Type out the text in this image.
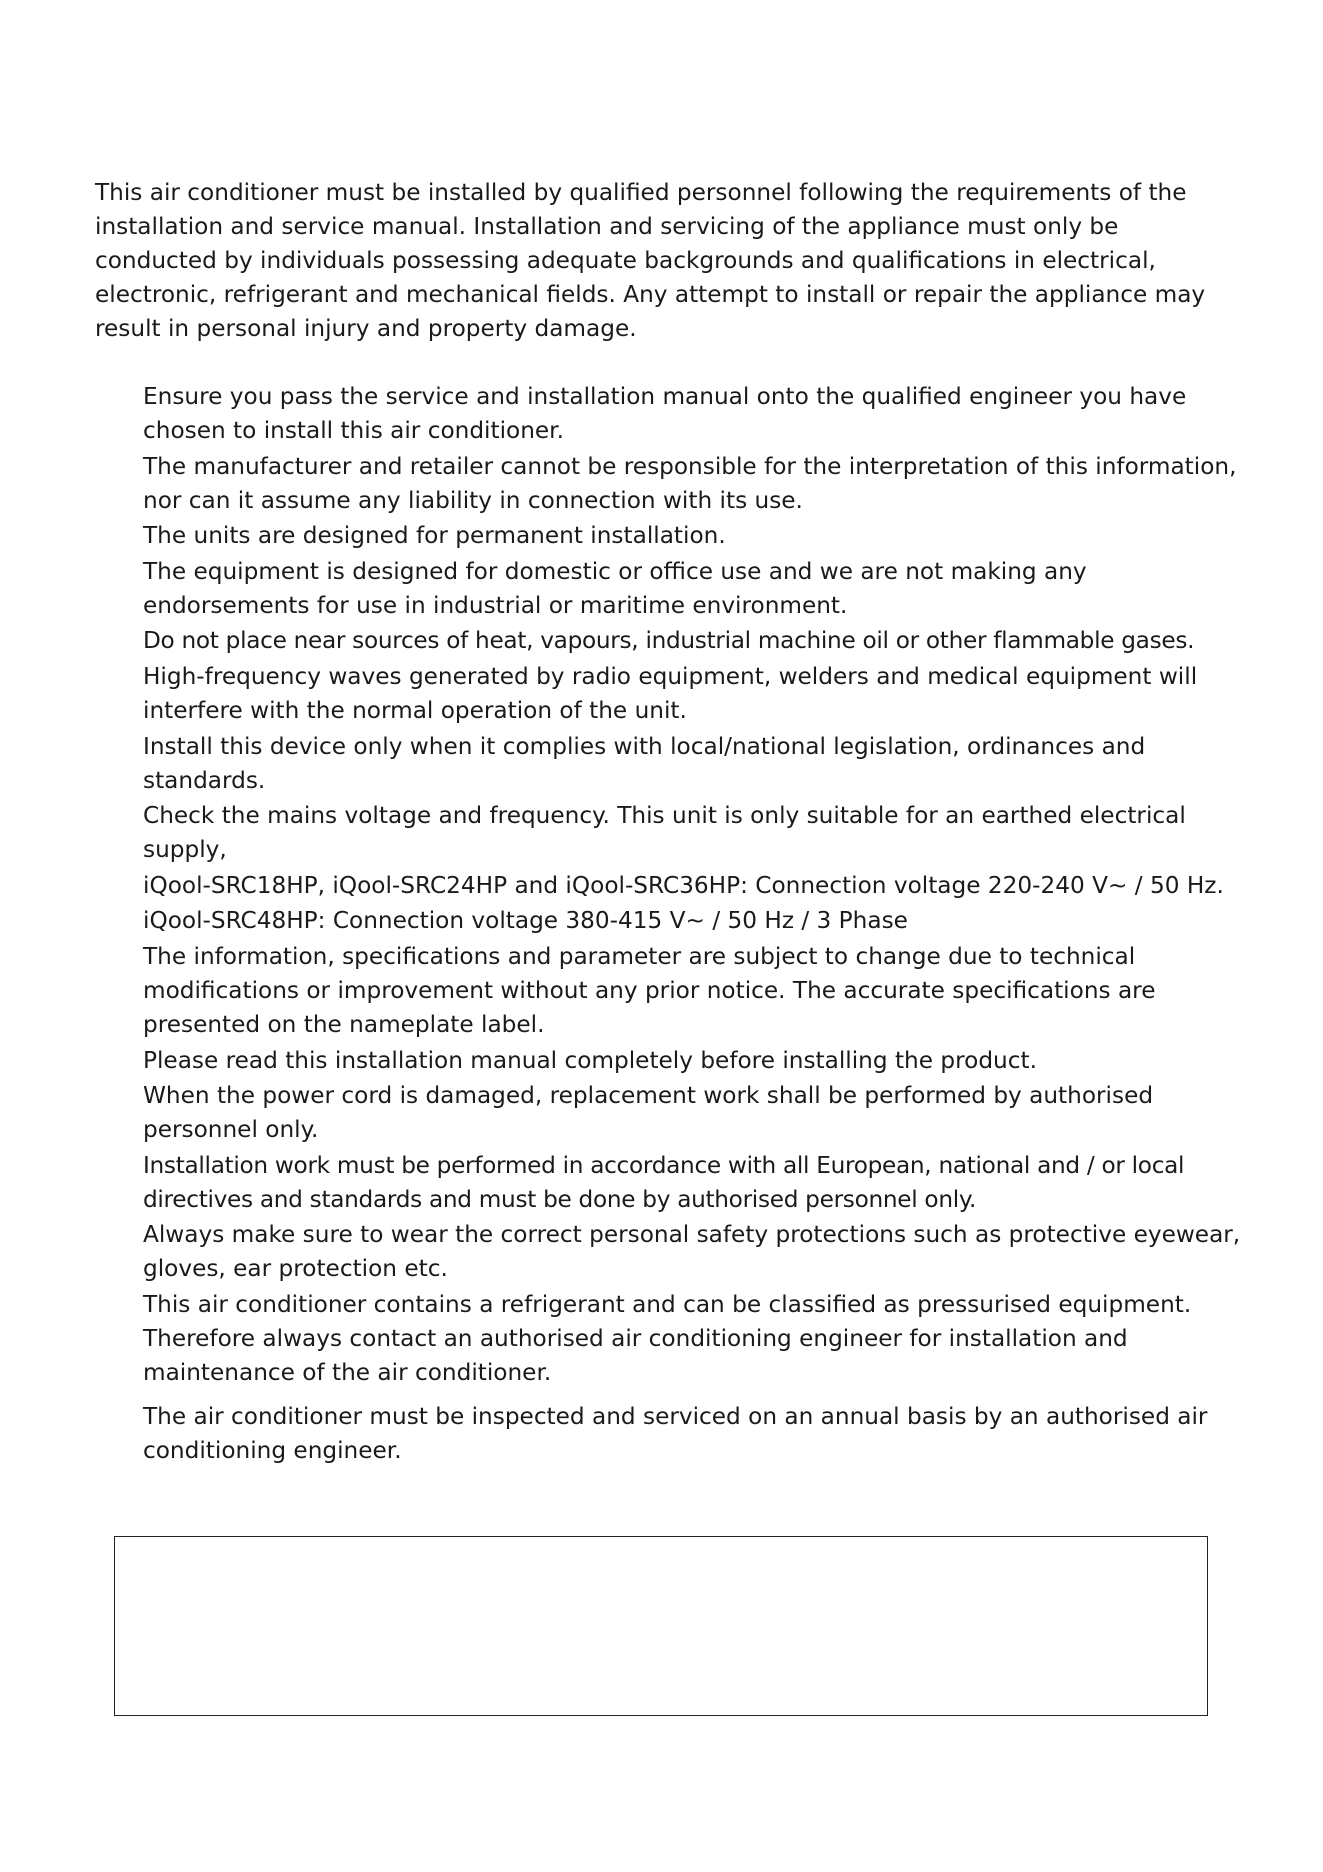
This air conditioner must be installed by qualified personnel following the requirements of the installation and service manual. Installation and servicing of the appliance must only be conducted by individuals possessing adequate backgrounds and qualifications in electrical, electronic, refrigerant and mechanical fields. Any attempt to install or repair the appliance may result in personal injury and property damage.

Ensure you pass the service and installation manual onto the qualified engineer you have chosen to install this air conditioner.
The manufacturer and retailer cannot be responsible for the interpretation of this information, nor can it assume any liability in connection with its use.
The units are designed for permanent installation.
The equipment is designed for domestic or office use and we are not making any endorsements for use in industrial or maritime environment.
Do not place near sources of heat, vapours, industrial machine oil or other flammable gases.
High-frequency waves generated by radio equipment, welders and medical equipment will interfere with the normal operation of the unit.
Install this device only when it complies with local/national legislation, ordinances and standards.
Check the mains voltage and frequency. This unit is only suitable for an earthed electrical supply,
iQool-SRC18HP, iQool-SRC24HP and iQool-SRC36HP: Connection voltage 220-240 V~ / 50 Hz.
iQool-SRC48HP: Connection voltage 380-415 V~ / 50 Hz / 3 Phase
The information, specifications and parameter are subject to change due to technical modifications or improvement without any prior notice. The accurate specifications are presented on the nameplate label.
Please read this installation manual completely before installing the product.
When the power cord is damaged, replacement work shall be performed by authorised personnel only.
Installation work must be performed in accordance with all European, national and / or local directives and standards and must be done by authorised personnel only.
Always make sure to wear the correct personal safety protections such as protective eyewear, gloves, ear protection etc.
This air conditioner contains a refrigerant and can be classified as pressurised equipment. Therefore always contact an authorised air conditioning engineer for installation and maintenance of the air conditioner.
The air conditioner must be inspected and serviced on an annual basis by an authorised air conditioning engineer.
